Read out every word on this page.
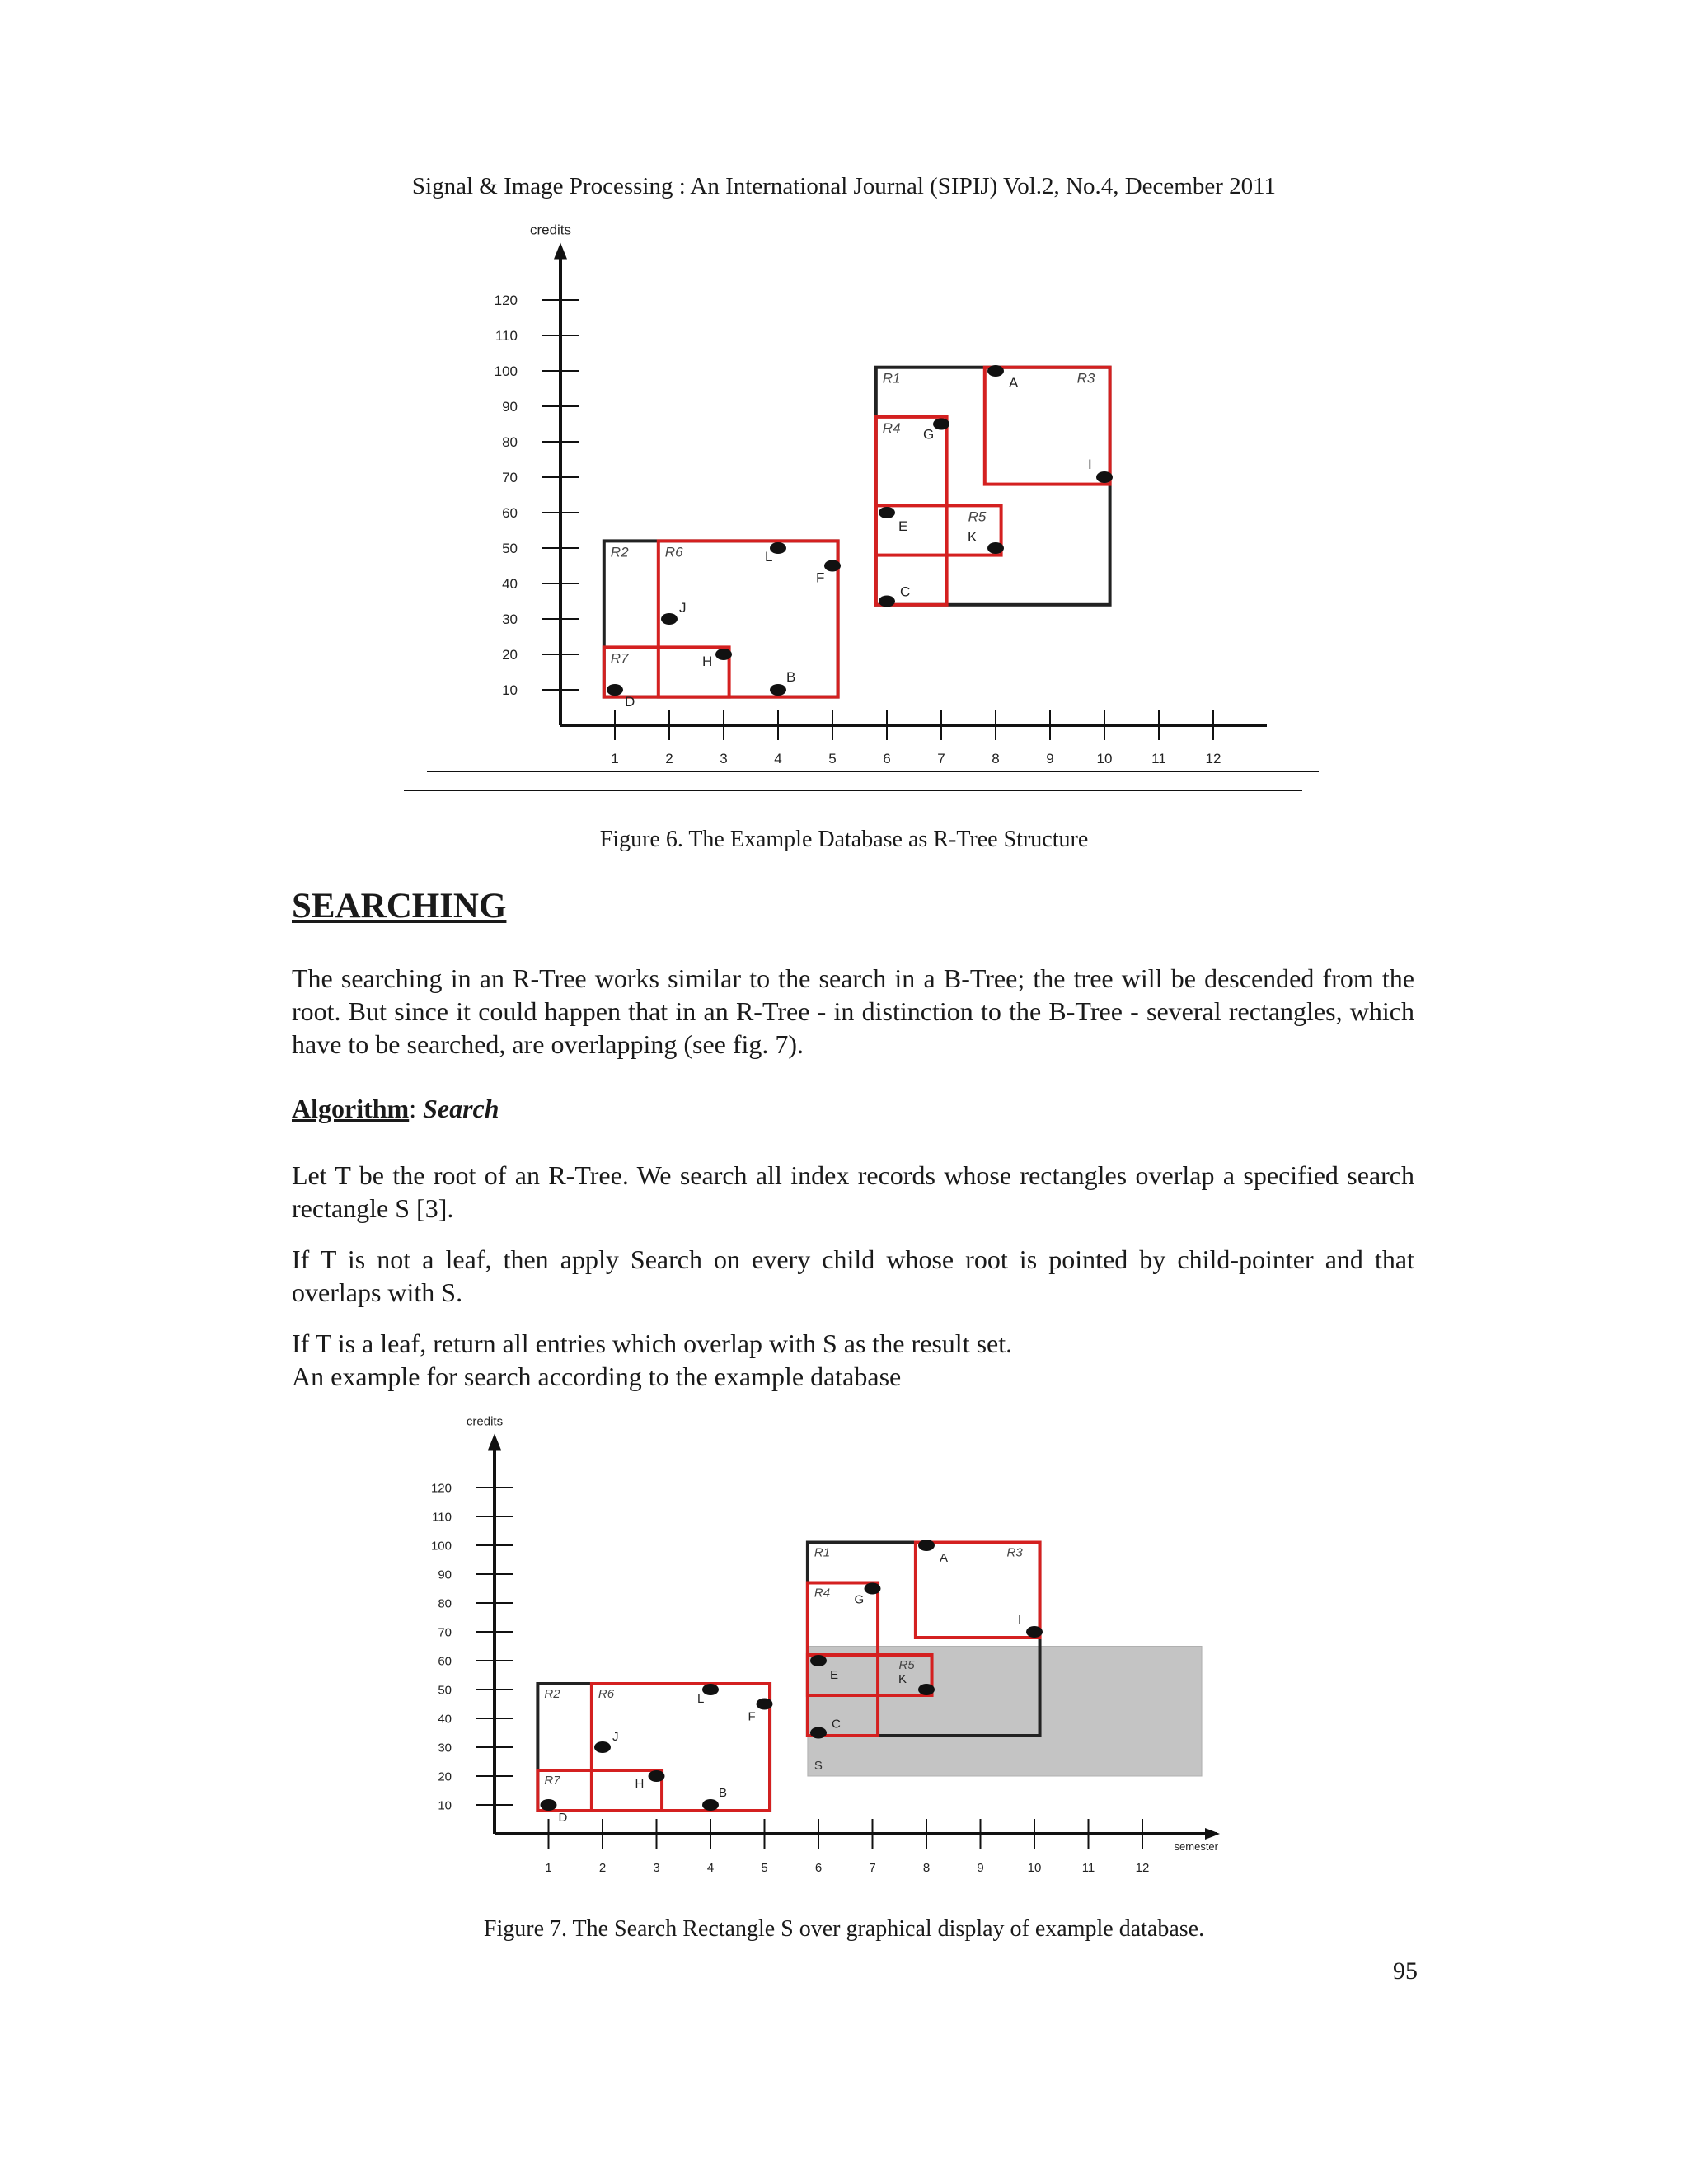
Signal & Image Processing : An International Journal (SIPIJ) Vol.2, No.4, December 2011
10
20
30
40
50
60
70
80
90
100
110
120
1	2	3	4	5	6	7	8	9	10	11	12
credits
R1
R2
R3
R4
R5
R6
R7
A
B
C
D
E
F
G
H
I
J
K
L
Figure 6. The Example Database as R-Tree Structure
SEARCHING
The searching in an R-Tree works similar to the search in a B-Tree; the tree will be descended from the root. But since it could happen that in an R-Tree - in distinction to the B-Tree - several rectangles, which have to be searched, are overlapping (see fig. 7).
Algorithm: Search
Let T be the root of an R-Tree. We search all index records whose rectangles overlap a specified search rectangle S [3].
If T is not a leaf, then apply Search on every child whose root is pointed by child-pointer and that overlaps with S.
If T is a leaf, return all entries which overlap with S as the result set.
An example for search according to the example database
S
10
20
30
40
50
60
70
80
90
100
110
120
1	2	3	4	5	6	7	8	9	10	11	12
credits
semester
R1
R2
R3
R4
R5
R6
R7
A
B
C
D
E
F
G
H
I
J
K
L
Figure 7. The Search Rectangle S over graphical display of example database.
95
